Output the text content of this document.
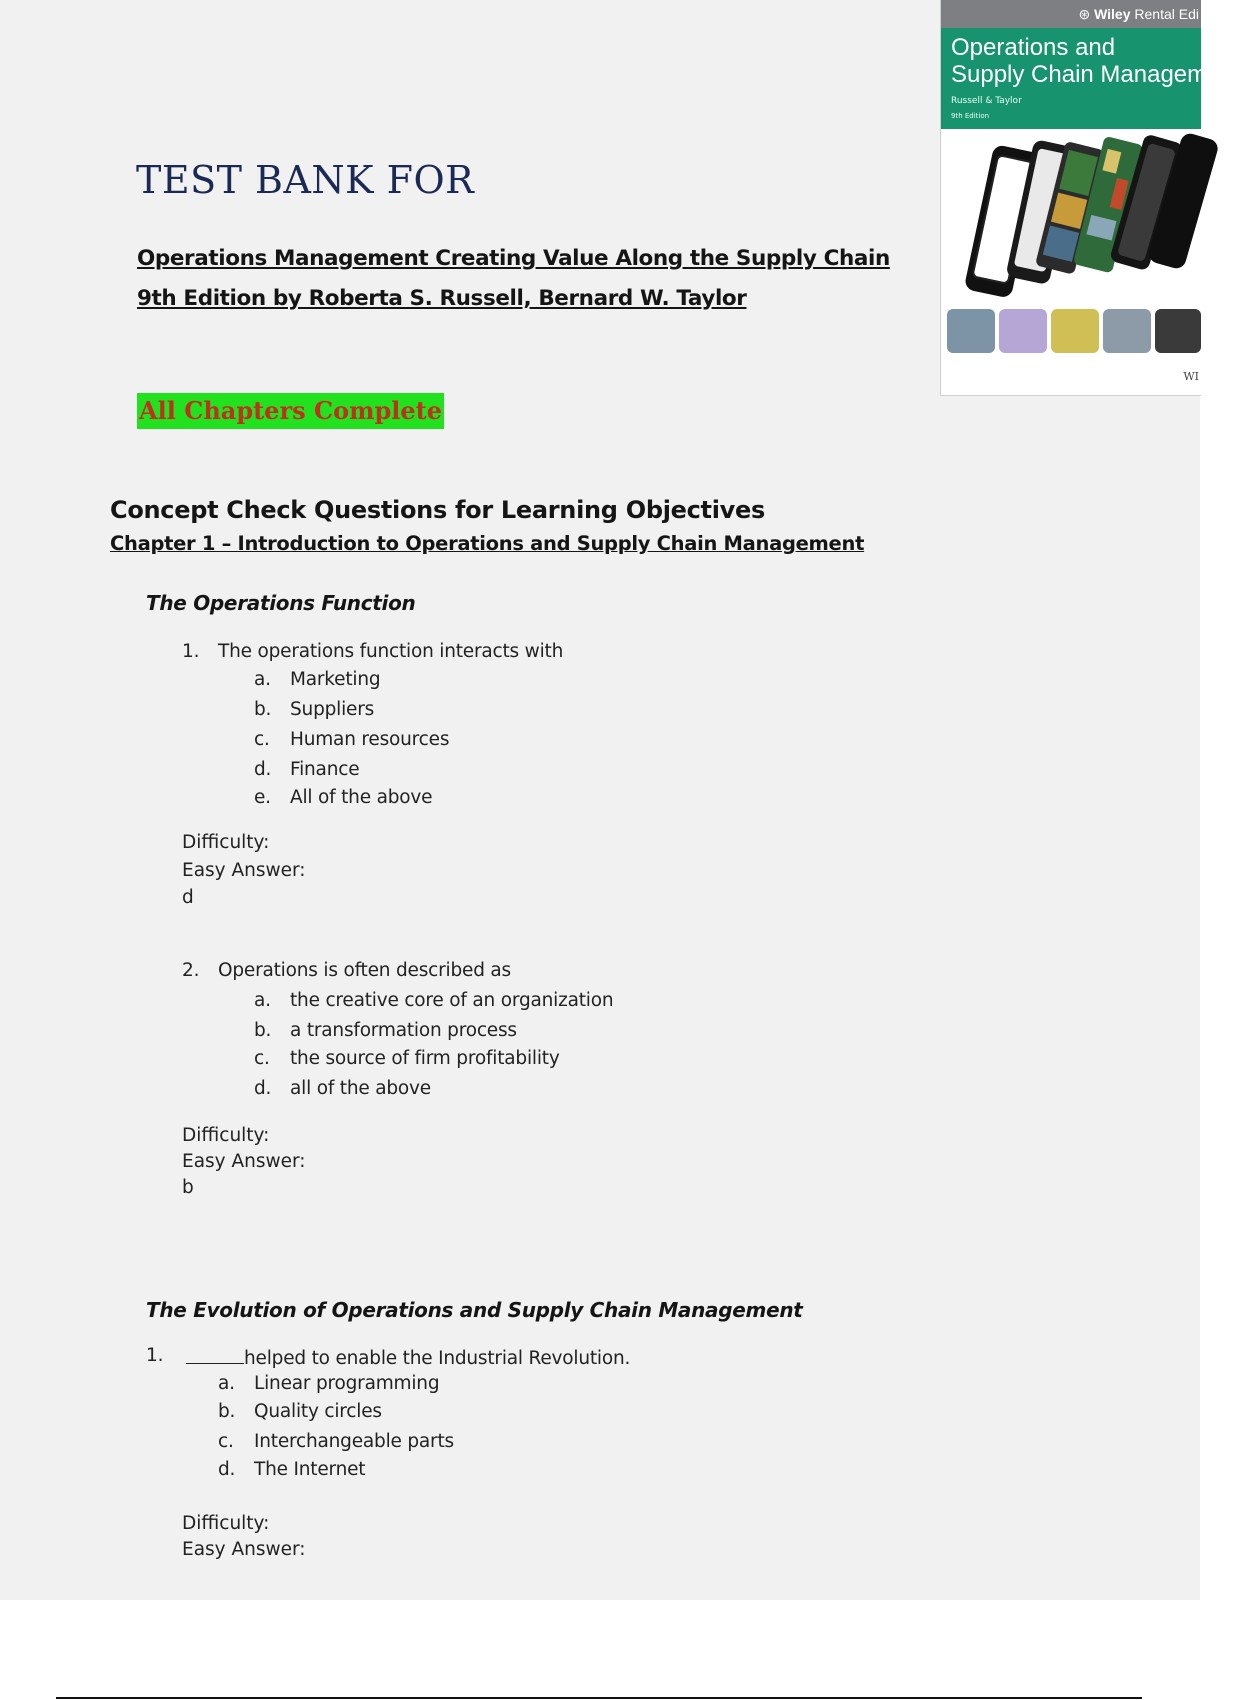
⊛ Wiley Rental Edi
Operations and
Supply Chain Managemen
Russell & Taylor
9th Edition
WI
TEST BANK FOR
Operations Management Creating Value Along the Supply Chain
9th Edition by Roberta S. Russell, Bernard W. Taylor
All Chapters Complete
Concept Check Questions for Learning Objectives
Chapter 1 – Introduction to Operations and Supply Chain Management
The Operations Function
1. The operations function interacts with
a. Marketing
b. Suppliers
c. Human resources
d. Finance
e. All of the above
Difficulty:
Easy Answer:
d
2. Operations is often described as
a. the creative core of an organization
b. a transformation process
c. the source of firm profitability
d. all of the above
Difficulty:
Easy Answer:
b
The Evolution of Operations and Supply Chain Management
1.	helped to enable the Industrial Revolution.
a. Linear programming
b. Quality circles
c. Interchangeable parts
d. The Internet
Difficulty:
Easy Answer:
